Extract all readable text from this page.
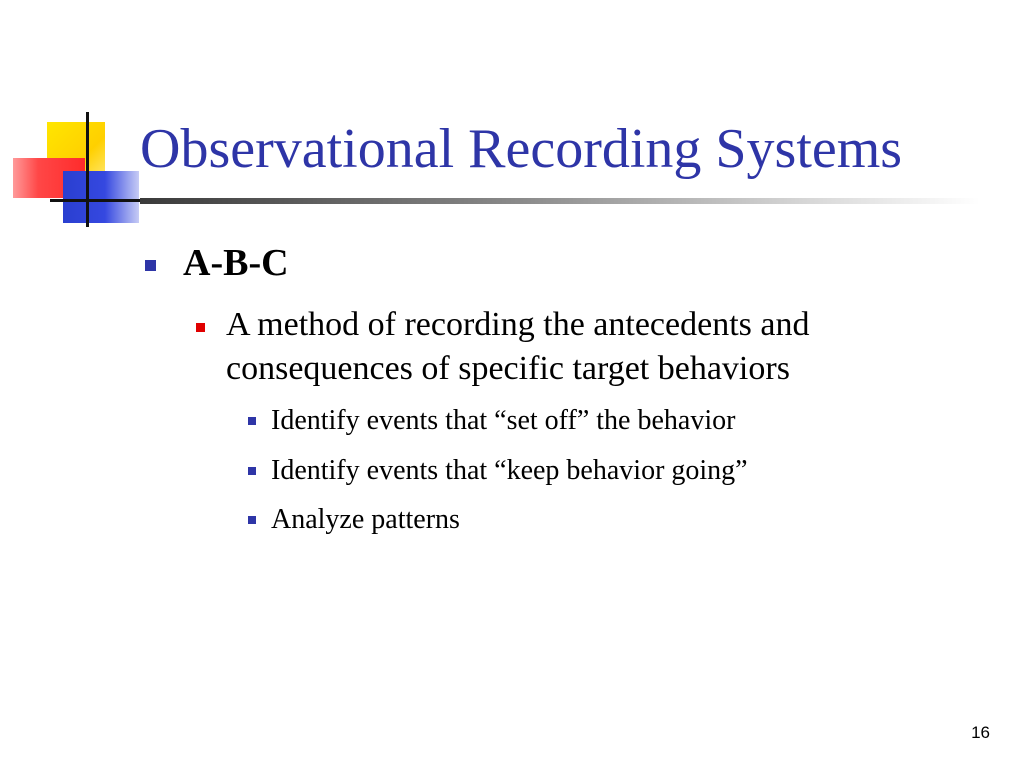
Observational Recording Systems
A-B-C
A method of recording the antecedents and consequences of specific target behaviors
Identify events that “set off” the behavior
Identify events that “keep behavior going”
Analyze patterns
16
